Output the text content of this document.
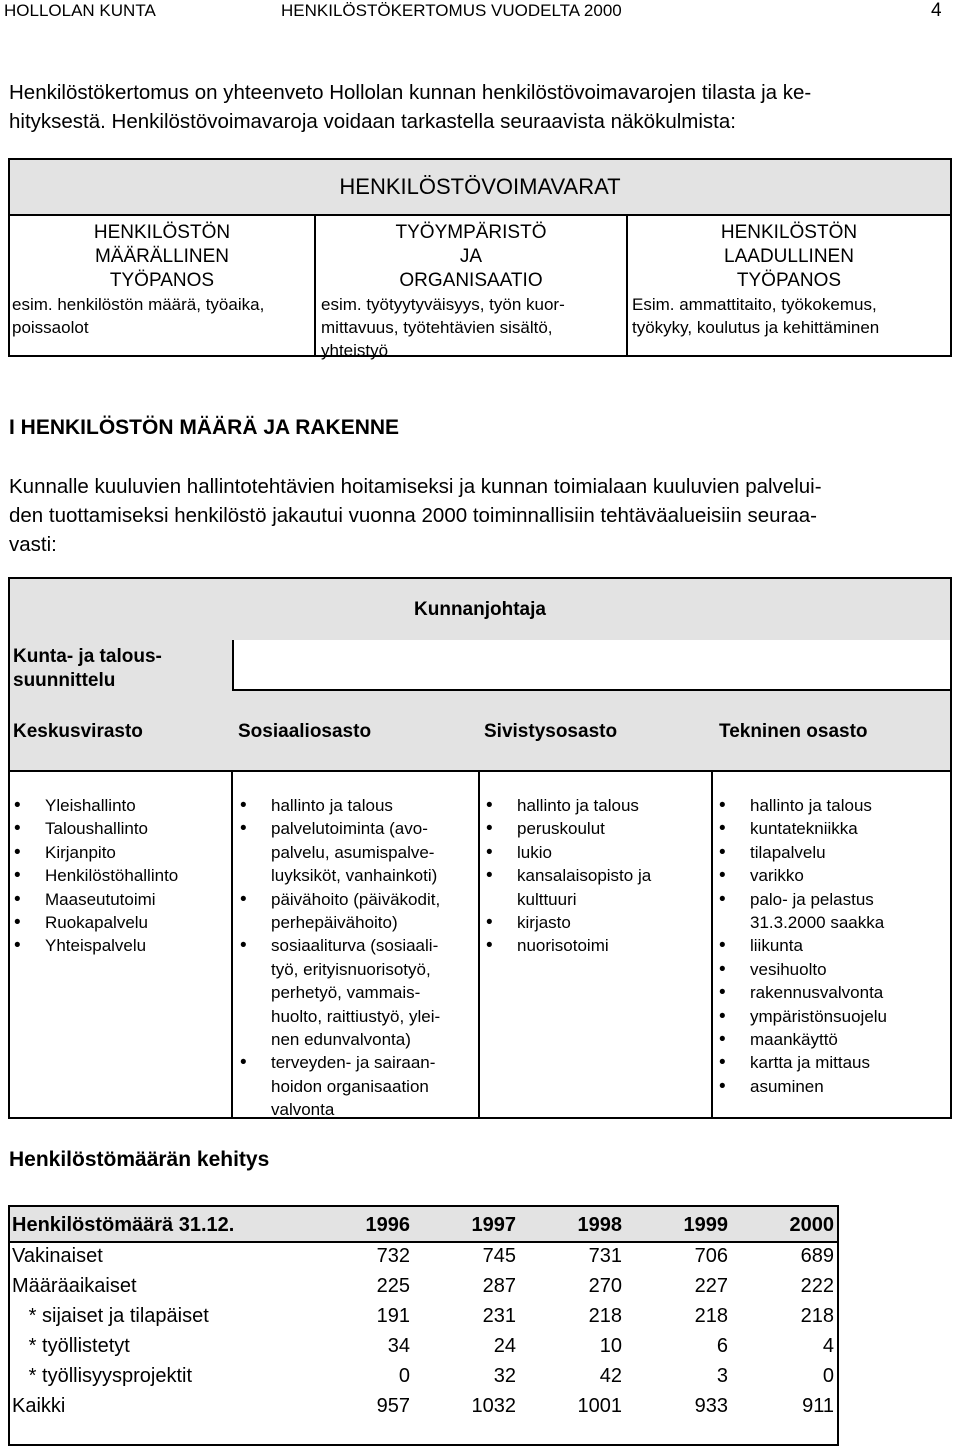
HOLLOLAN KUNTA	HENKILÖSTÖKERTOMUS VUODELTA 2000	4
Henkilöstökertomus on yhteenveto Hollolan kunnan henkilöstövoimavarojen tilasta ja ke-
hityksestä. Henkilöstövoimavaroja voidaan tarkastella seuraavista näkökulmista:
HENKILÖSTÖVOIMAVARAT
HENKILÖSTÖN
MÄÄRÄLLINEN
TYÖPANOS
esim. henkilöstön määrä, työaika,
poissaolot
TYÖYMPÄRISTÖ
JA
ORGANISAATIO
esim. työtyytyväisyys, työn kuor-
mittavuus, työtehtävien sisältö,
yhteistyö
HENKILÖSTÖN
LAADULLINEN
TYÖPANOS
Esim. ammattitaito, työkokemus,
työkyky, koulutus ja kehittäminen
I HENKILÖSTÖN MÄÄRÄ JA RAKENNE
Kunnalle kuuluvien hallintotehtävien hoitamiseksi ja kunnan toimialaan kuuluvien palvelui-
den tuottamiseksi henkilöstö jakautui vuonna 2000 toiminnallisiin tehtäväalueisiin seuraa-
vasti:
Kunnanjohtaja
Kunta- ja talous-
suunnittelu
Keskusvirasto	Sosiaaliosasto	Sivistysosasto	Tekninen osasto
• Yleishallinto
• Taloushallinto
• Kirjanpito
• Henkilöstöhallinto
• Maaseututoimi
• Ruokapalvelu
• Yhteispalvelu
• hallinto ja talous
• palvelutoiminta (avo-
palvelu, asumispalve-
luyksiköt, vanhainkoti)
• päivähoito (päiväkodit,
perhepäivähoito)
• sosiaaliturva (sosiaali-
työ, erityisnuorisotyö,
perhetyö, vammais-
huolto, raittiustyö, ylei-
nen edunvalvonta)
• terveyden- ja sairaan-
hoidon organisaation
valvonta
• hallinto ja talous
• peruskoulut
• lukio
• kansalaisopisto ja
kulttuuri
• kirjasto
• nuorisotoimi
• hallinto ja talous
• kuntatekniikka
• tilapalvelu
• varikko
• palo- ja pelastus
31.3.2000 saakka
• liikunta
• vesihuolto
• rakennusvalvonta
• ympäristönsuojelu
• maankäyttö
• kartta ja mittaus
• asuminen
Henkilöstömäärän kehitys
Henkilöstömäärä 31.12.	1996	1997	1998	1999	2000
Vakinaiset	732	745	731	706	689
Määräaikaiset	225	287	270	227	222
* sijaiset ja tilapäiset	191	231	218	218	218
* työllistetyt	34	24	10	6	4
* työllisyysprojektit	0	32	42	3	0
Kaikki	957	1032	1001	933	911
